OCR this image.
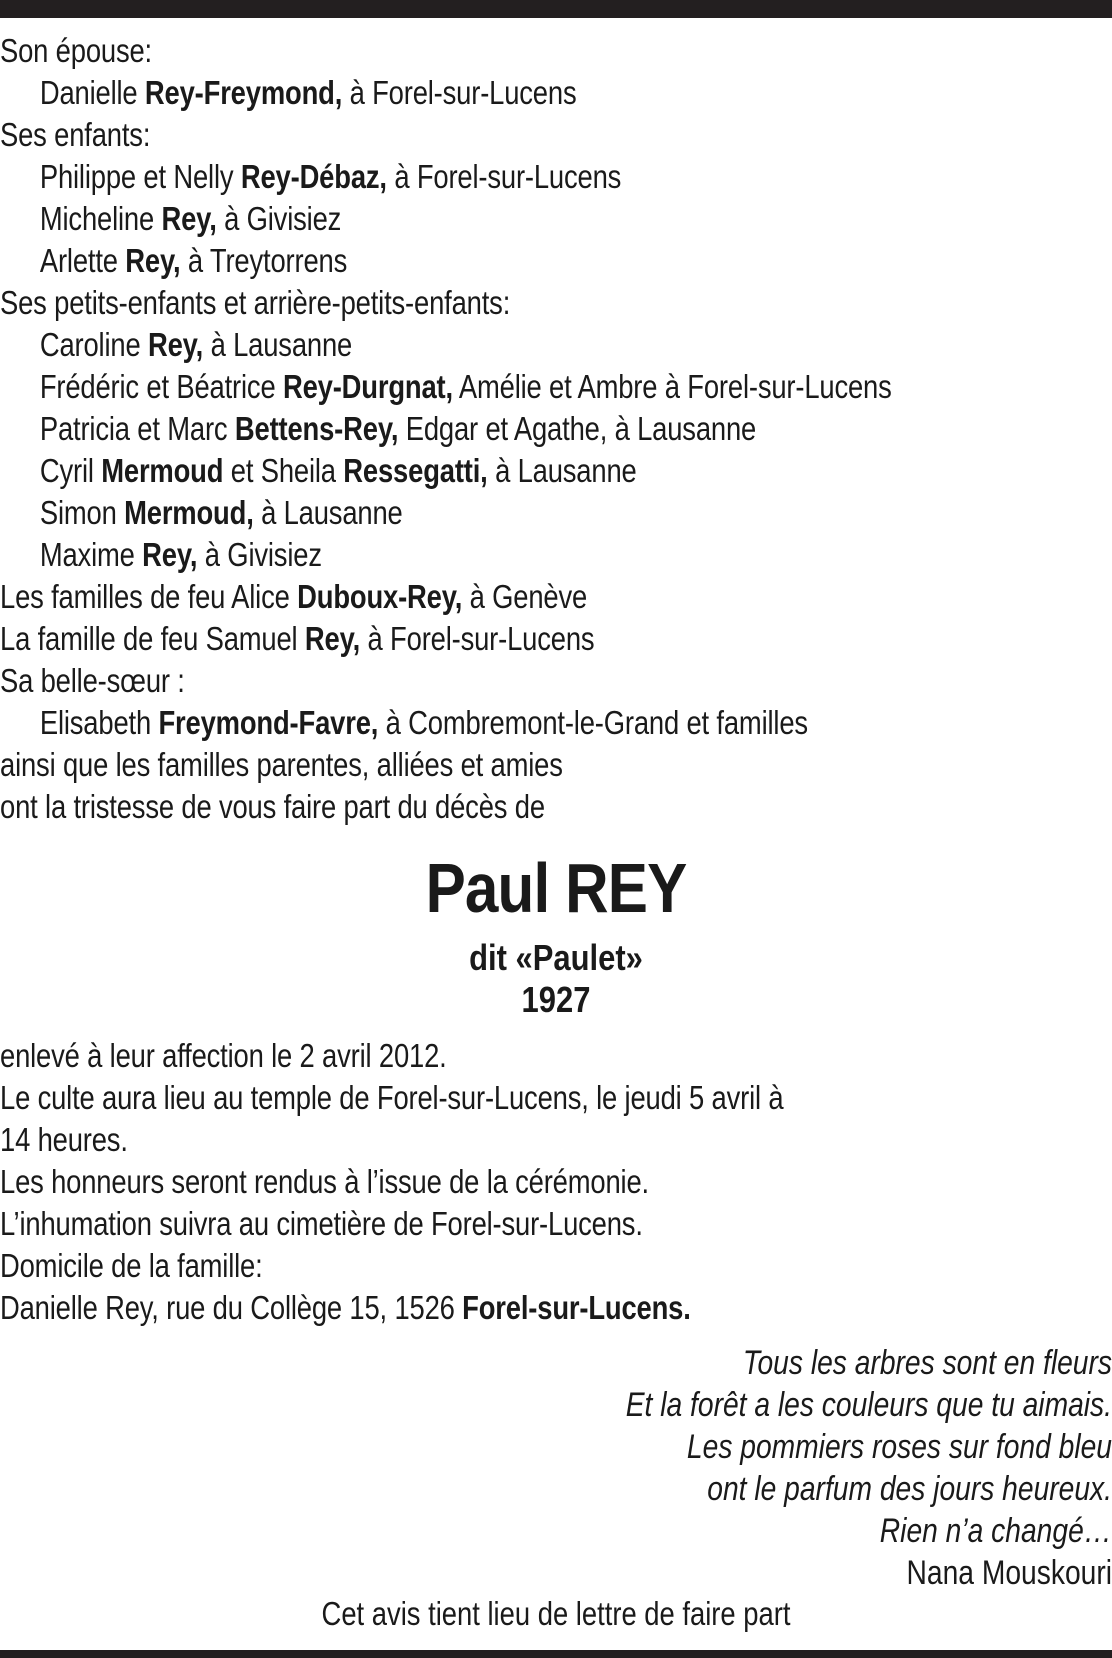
Son épouse:
Danielle Rey-Freymond, à Forel-sur-Lucens
Ses enfants:
Philippe et Nelly Rey-Débaz, à Forel-sur-Lucens
Micheline Rey, à Givisiez
Arlette Rey, à Treytorrens
Ses petits-enfants et arrière-petits-enfants:
Caroline Rey, à Lausanne
Frédéric et Béatrice Rey-Durgnat, Amélie et Ambre à Forel-sur-Lucens
Patricia et Marc Bettens-Rey, Edgar et Agathe, à Lausanne
Cyril Mermoud et Sheila Ressegatti, à Lausanne
Simon Mermoud, à Lausanne
Maxime Rey, à Givisiez
Les familles de feu Alice Duboux-Rey, à Genève
La famille de feu Samuel Rey, à Forel-sur-Lucens
Sa belle-sœur :
Elisabeth Freymond-Favre, à Combremont-le-Grand et familles
ainsi que les familles parentes, alliées et amies
ont la tristesse de vous faire part du décès de
Paul REY
dit «Paulet»
1927
enlevé à leur affection le 2 avril 2012.
Le culte aura lieu au temple de Forel-sur-Lucens, le jeudi 5 avril à
14 heures.
Les honneurs seront rendus à l’issue de la cérémonie.
L’inhumation suivra au cimetière de Forel-sur-Lucens.
Domicile de la famille:
Danielle Rey, rue du Collège 15, 1526 Forel-sur-Lucens.
Tous les arbres sont en fleurs
Et la forêt a les couleurs que tu aimais.
Les pommiers roses sur fond bleu
ont le parfum des jours heureux.
Rien n’a changé…
Nana Mouskouri
Cet avis tient lieu de lettre de faire part
